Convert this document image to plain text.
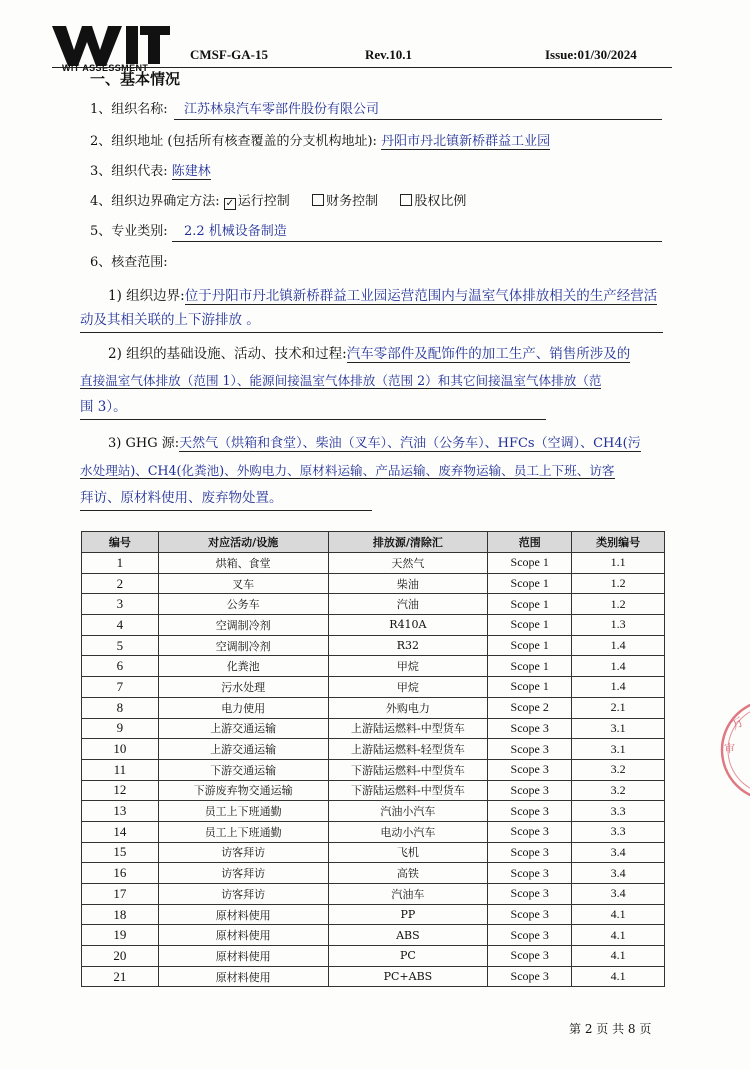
WIT ASSESSMENT
CMSF-GA-15	Rev.10.1	Issue:01/30/2024
一、基本情况
1、组织名称:	江苏林泉汽车零部件股份有限公司
2、组织地址 (包括所有核查覆盖的分支机构地址): 丹阳市丹北镇新桥群益工业园
3、组织代表: 陈建林
4、组织边界确定方法: ✓ 运行控制	财务控制	股权比例
5、专业类别:	2.2 机械设备制造
6、核查范围:
1) 组织边界:位于丹阳市丹北镇新桥群益工业园运营范围内与温室气体排放相关的生产经营活
动及其相关联的上下游排放 。
2) 组织的基础设施、活动、技术和过程:汽车零部件及配饰件的加工生产、销售所涉及的
直接温室气体排放（范围 1）、能源间接温室气体排放（范围 2）和其它间接温室气体排放（范
围 3）。
3) GHG 源:天然气（烘箱和食堂）、柴油（叉车）、汽油（公务车）、HFCs（空调）、CH4(污
水处理站)、CH4(化粪池)、外购电力、原材料运输、产品运输、废弃物运输、员工上下班、访客
拜访、原材料使用、废弃物处置。
编号	对应活动/设施	排放源/清除汇	范围	类别编号
1	烘箱、食堂	天然气	Scope 1	1.1
2	叉车	柴油	Scope 1	1.2
3	公务车	汽油	Scope 1	1.2
4	空调制冷剂	R410A	Scope 1	1.3
5	空调制冷剂	R32	Scope 1	1.4
6	化粪池	甲烷	Scope 1	1.4
7	污水处理	甲烷	Scope 1	1.4
8	电力使用	外购电力	Scope 2	2.1
9	上游交通运输	上游陆运燃料-中型货车	Scope 3	3.1
10	上游交通运输	上游陆运燃料-轻型货车	Scope 3	3.1
11	下游交通运输	下游陆运燃料-中型货车	Scope 3	3.2
12	下游废弃物交通运输	下游陆运燃料-中型货车	Scope 3	3.2
13	员工上下班通勤	汽油小汽车	Scope 3	3.3
14	员工上下班通勤	电动小汽车	Scope 3	3.3
15	访客拜访	飞机	Scope 3	3.4
16	访客拜访	高铁	Scope 3	3.4
17	访客拜访	汽油车	Scope 3	3.4
18	原材料使用	PP	Scope 3	4.1
19	原材料使用	ABS	Scope 3	4.1
20	原材料使用	PC	Scope 3	4.1
21	原材料使用	PC+ABS	Scope 3	4.1
万
审
第 2 页 共 8 页
